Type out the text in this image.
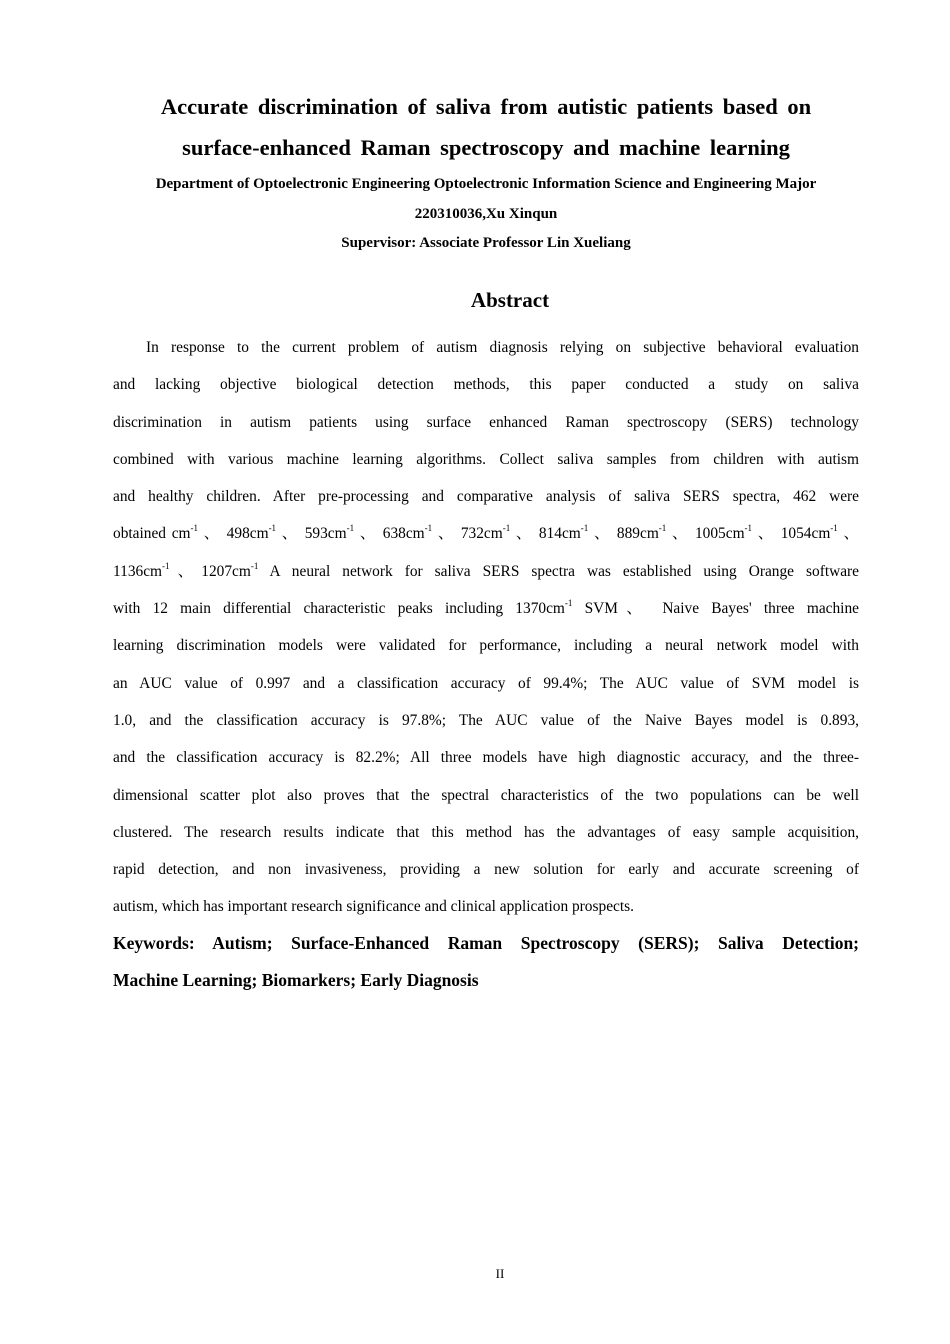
Accurate discrimination of saliva from autistic patients based on
surface-enhanced Raman spectroscopy and machine learning

Department of Optoelectronic Engineering Optoelectronic Information Science and Engineering Major

220310036,Xu Xinqun

Supervisor: Associate Professor Lin Xueliang

Abstract
In response to the current problem of autism diagnosis relying on subjective behavioral evaluation
and lacking objective biological detection methods, this paper conducted a study on saliva
discrimination in autism patients using surface enhanced Raman spectroscopy (SERS) technology
combined with various machine learning algorithms. Collect saliva samples from children with autism
and healthy children. After pre-processing and comparative analysis of saliva SERS spectra, 462 were
obtained $cm^{-1}$ 、 $498cm^{-1}$ 、 $593cm^{-1}$ 、 $638cm^{-1}$ 、 $732cm^{-1}$ 、 $814cm^{-1}$ 、 $889cm^{-1}$ 、 $1005cm^{-1}$ 、 $1054cm^{-1}$ 、
$1136cm^{-1}$、$1207cm^{-1}$ A neural network for saliva SERS spectra was established using Orange software
with 12 main differential characteristic peaks including $1370cm^{-1}$ SVM、 Naive Bayes' three machine
learning discrimination models were validated for performance, including a neural network model with
an AUC value of 0.997 and a classification accuracy of 99.4%; The AUC value of SVM model is
1.0, and the classification accuracy is 97.8%; The AUC value of the Naive Bayes model is 0.893,
and the classification accuracy is 82.2%; All three models have high diagnostic accuracy, and the three-
dimensional scatter plot also proves that the spectral characteristics of the two populations can be well
clustered. The research results indicate that this method has the advantages of easy sample acquisition,
rapid detection, and non invasiveness, providing a new solution for early and accurate screening of
autism, which has important research significance and clinical application prospects.
Keywords: Autism; Surface-Enhanced Raman Spectroscopy (SERS); Saliva Detection;
Machine Learning; Biomarkers; Early Diagnosis
II
